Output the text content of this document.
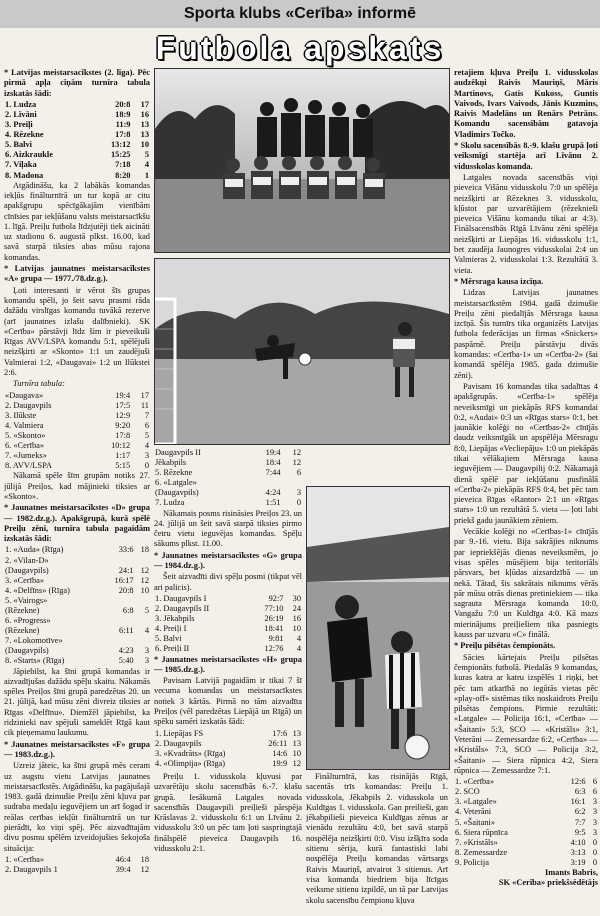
Sporta klubs «Cerība» informē
Futbola apskats

* Latvijas meistarsacīkstes (2. līga). Pēc pirmā apļa cīņām turnīra tabula izskatās šādi:

1. Ludza	20:8	17
2. Līvāni	18:9	16
3. Preiļi	11:9	13
4. Rēzekne	17:8	13
5. Balvi	13:12	10
6. Aizkraukle	15:25	5
7. Viļaka	7:18	4
8. Madona	8:20	1

Atgādināšu, ka 2 labākās komandas iekļūs finālturnīrā un tur kopā ar citu apakšgrupu spēcīgākajām vienībām cīnīsies par iekļūšanu valsts meistarsacīkšu 1. līgā. Preiļu futbola līdzjutēji tiek aicināti uz stadionu 6. augustā plkst. 16.00, kad savā starpā tiksies abas mūsu rajona komandas.

* Latvijas jaunatnes meistarsacīkstes «A» grupa — 1977./78.dz.g.).

Ļoti interesanti ir vērot šīs grupas komandu spēli, jo šeit savu prasmi rāda dažādu virslīgas komandu tuvākā rezerve (arī jaunatnes izlašu dalībnieki). SK «Cerība» pārstāvji līdz šim ir pieveikuši Rīgas AVV/LSPA komandu 5:1, spēlējuši neizšķirti ar «Skonto» 1:1 un zaudējuši Valmierai 1:2, «Daugavai» 1:2 un Ilūkstei 2:6.

Turnīra tabula:

«Daugava»	19:4	17
2. Daugavpils	17:5	11
3. Ilūkste	12:9	7
4. Valmiera	9:20	6
5. «Skonto»	17:8	5
6. «Cerība»	10:12	4
7. «Jumeks»	1:17	3
8. AVV/LSPA	5:15	0

Nākamā spēle šīm grupām notiks 27. jūlijā Preiļos, kad mājinieki tiksies ar «Skonto».

* Jaunatnes meistarsacīkstes «D» grupa — 1982.dz.g.). Apakšgrupā, kurā spēlē Preiļu zēni, turnīra tabula pagaidām izskatās šādi:

1. «Auda» (Rīga)	33:6	18
2. «Vilan-D»		
(Daugavpils)	24:1	12
3. «Cerība»	16:17	12
4. «Delfīns» (Rīga)	20:8	10
5. «Vairogs»		
(Rēzekne)	6:8	5
6. «Progress»		
(Rēzekne)	6:11	4
7. «Lokomotīve»		
(Daugavpils)	4:23	3
8. «Starts» (Rīga)	5:40	3

Jāpiebilst, ka šīni grupā komandas ir aizvadījušas dažādu spēļu skaitu. Nākamās spēles Preiļos šīni grupā paredzētas 20. un 21. jūlijā, kad mūsu zēni divreiz tiksies ar Rīgas «Delfīnu». Diemžēl jāpiebilst, ka ridzinieki nav spējuši sameklēt Rīgā kaut cik pieņemamu laukumu.

* Jaunatnes meistarsacīkstes «F» grupa — 1983.dz.g.).

Uzreiz jāteic, ka šīni grupā mēs ceram uz augstu vietu Latvijas jaunatnes meistarsacīkstēs. Atgādināšu, ka pagājušajā 1983. gadā dzimušie Preiļu zēni kļuva par sudraba medaļu ieguvējiem un arī šogad ir reālas cerības iekļūt finālturnīrā un tur pierādīt, ko viņi spēj. Pēc aizvadītajām divu posmu spēlēm izveidojušies šekojoša situācija:

1. «Cerība»	46:4	18
2. Daugavpils 1	39:4	12
Daugavpils II	19:4	12
Jēkabpils	18:4	12
5. Rēzekne	7:44	6
6. «Latgale»		
(Daugavpils)	4:24	3
7. Ludza	1:51	0

Nākamais posms risināsies Preiļos 23. un 24. jūlijā un šeit savā starpā tiksies pirmo četru vietu ieguvējas komandas. Spēļu sākums plkst. 11.00.

* Jaunatnes meistarsacīkstes «G» grupa — 1984.dz.g.).

Šeit aizvadīti divi spēļu posmi (tikpat vēl ari palicis).

1. Daugavpils I	92:7	30
2. Daugavpils II	77:10	24
3. Jēkabpils	26:19	16
4. Preiļi I	18:41	10
5. Balvi	9:81	4
6. Preiļi II	12:76	4

* Jaunatnes meistarsacīkstes «H» grupa — 1985.dz.g.).

Pavisam Latvijā pagaidām ir tikai 7 šī vecuma komandas un meistarsacīkstes notiek 3 kārtās. Pirmā no tām aizvadīta Preiļos (vēl paredzētas Liepājā un Rīgā) un spēku samēri izskatās šādi:

1. Liepājas FS	17:6	13
2. Daugavpils	26:11	13
3. «Kvadrāts» (Rīga)	14:6	10
4. «Olimpija» (Rīga)	19:9	12

Preiļu 1. vidusskola kļuvusi par uzvarētāju skolu sacensībās 6.-7. klašu grupā. Iesākumā Latgales novada sacensībās Daugavpili preiļieši pārspēja Krāslavas 2. vidusskolu 6:1 un Līvānu 2. vidusskolu 3:0 un pēc tam ļoti saspringtajā finālspēlē pieveica Daugavpils 16. vidusskolu 2:1.

Finālturnīrā, kas risinājās Rīgā, sacentās trīs komandas: Preiļu 1. vidusskola, Jēkabpils 2. vidusskola un Kuldīgas 1. vidusskola. Gan preilieši, gan jēkabpilieši pieveica Kuldīgas zēnus ar vienādu rezultātu 4:0, bet savā starpā nospēlēja neizšķirti 0:0. Visu izšķīra soda sitienu sērija, kurā fantastiski labi nospēlēja Preiļu komandas vārtsargs Raivis Mauriņš, atvairot 3 sitienus. Arī visa komanda biedriem bija līcīgas veiksme sitienu izpildē, un tā par Latvijas skolu sacensību čempionu kļuva

retajiem kļuva Preiļu 1. vidusskolas audzēkņi Raivis Mauriņš, Māris Martinovs, Gatis Kukoss, Guntis Vaivods, Ivars Vaivods, Jānis Kuzmins, Raivis Madelāns un Renārs Petrāns. Komandu sacensībām gatavoja Vladimirs Točko.

* Skolu sacensībās 8.-9. klašu grupā ļoti veiksmīgi startēja arī Līvānu 2. vidusskolas komanda.

Latgales novada sacensībās viņi pieveica Višānu vidusskolu 7:0 un spēlēja neizšķirti ar Rēzeknes 3. vidusskolu, kļūstot par uzvarētājiem (rēzeknieši pieveica Višānu komandu tikai ar 4:3). Finālsacensībās Rīgā Līvānu zēni spēlēja neizšķirti ar Liepājas 16. vidusskolu 1:1, bet zaudēja Jaunogres vidusskolai 2:4 un Valmieras 2. vidusskolai 1:3. Rezultātā 3. vieta.

* Mērsraga kausa izcīņa.

Lidzas Latvijas jaunatnes meistarsacīkstēm 1984. gadā dzimušie Preiļu zēni piedalījās Mērsraga kausa izcīņā. Šis turnīrs tika organizēts Latvijas futbola federācijas un firmas «Snickers» paspārnē. Preiļu pārstāvju divās komandas: «Cerība-1» un «Cerība-2» (šai komandā spēlēja 1985. gada dzimušie zēni).

Pavisam 16 komandas tika sadalītas 4 apakšgrupās. «Cerība-1» spēlēja neveiksmīgi un piekāpās RFS komandai 0:2, «Audai» 0:3 un «Rīgas stars» 0:1, bet jaunākie kolēģi no «Cerības-2» cīnījās daudz veiksmīgāk un apspēlēja Mērsragu 8:0, Liepājas «Vecliepāju» 1:0 un piekāpās tikai vēlākajiem Mērsraga kausa ieguvējiem — Daugavpilij 0:2. Nākamajā dienā spēlē par iekļūšanu pusfinālā «Cerība-2» piekāpās RFS 0:4, bet pēc tam pieveica Rīgas «Rantor» 2:1 un «Rīgas stars» 1:0 un rezultātā 5. vieta — ļoti labi priekš gadu jaunākiem zēniem.

Vecākie kolēģi no «Cerības-1» cīnījās par 9.-16. vietu. Bija sakrājies niknums par iepriekšējās dienas neveiksmēm, jo visas spēles mūsējiem bija teritoriāls pārsvars, bet kļūdas aizsardzībā — un nekā. Tātad, šis sakrātais niknums vērās pār mūsu otrās dienas pretiniekiem — tika sagrauta Mērsraga komanda 10:0, Vangažu 7:0 un Kuldīga 4:0. Kā mazs mierinājums preiļiešiem tika pasniegts kauss par uzvaru «C» finālā.

* Preiļu pilsētas čempionāts.

Sācies kārtejais Preiļu pilsētas čempionāts futbolā. Piedalās 9 komandas, kuras katra ar katru izspēlēs 1 riņķi, bet pēc tam atkarībā no iegūtās vietas pēc «play-off» sistēmas tiks noskaidrots Preiļu pilsētas čempions. Pirmie rezultāti: «Latgale» — Policija 16:1, «Cerība» — «Šaitani» 5:3, SCO — «Kristāls» 3:1, Veterāni — Zemessardze 6:2, «Cerība» — «Kristāls» 7:3, SCO — Policija 3:2, «Šaitani» — Siera rūpnica 4:2, Siera rūpnica — Zemessardze 7:1.

1. «Cerība»	12:6	6
2. SCO	6:3	6
3. «Latgale»	16:1	3
4. Veterāni	6:2	3
5. «Šaitani»	7:7	3
6. Siera rūpnīca	9:5	3
7. «Kristāls»	4:10	0
8. Zemessardze	3:13	0
9. Policija	3:19	0
Imants Babris,
SK «Cerība» priekšsēdētājs
